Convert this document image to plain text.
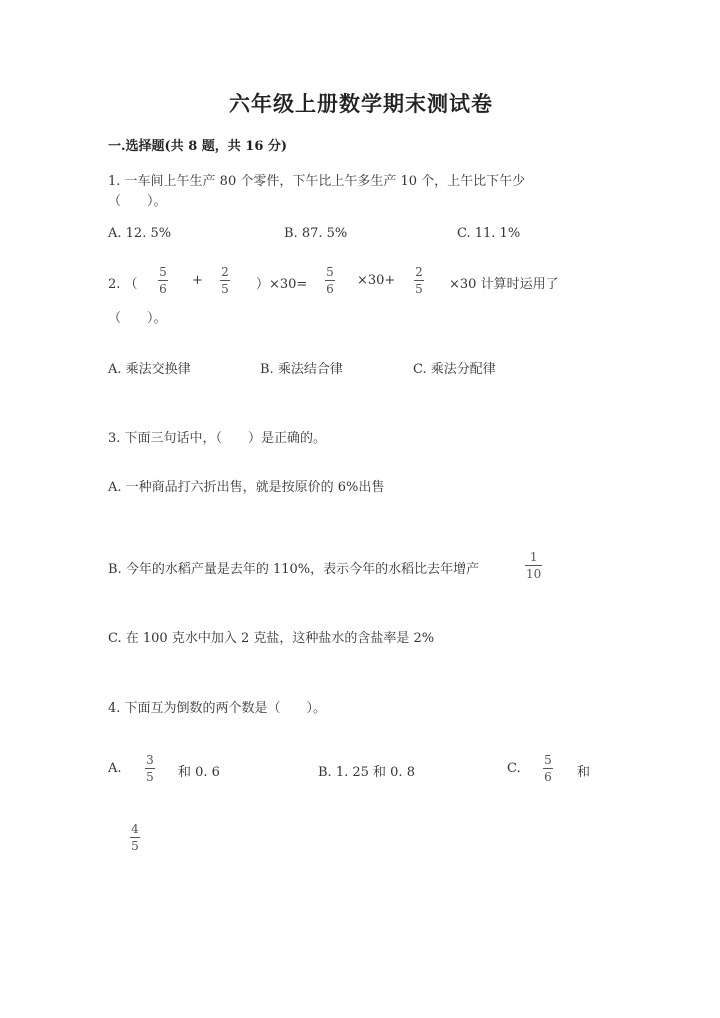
六年级上册数学期末测试卷
一.选择题(共 8 题，共 16 分)
1. 一车间上午生产 80 个零件，下午比上午多生产 10 个，上午比下午少
（　　）。
A. 12. 5%	B. 87. 5%	C. 11. 1%
2. （
5
6
+
2
5 ）×30=
5
6
×30+
2
5 ×30 计算时运用了
（　　）。
A. 乘法交换律	B. 乘法结合律	C. 乘法分配律
3. 下面三句话中，（　　）是正确的。
A. 一种商品打六折出售，就是按原价的 6%出售
B. 今年的水稻产量是去年的 110%，表示今年的水稻比去年增产
1
10
C. 在 100 克水中加入 2 克盐，这种盐水的含盐率是 2%
4. 下面互为倒数的两个数是（　　）。
A.
3
5 和 0. 6	B. 1. 25 和 0. 8	C.
5
6 和
4
5
